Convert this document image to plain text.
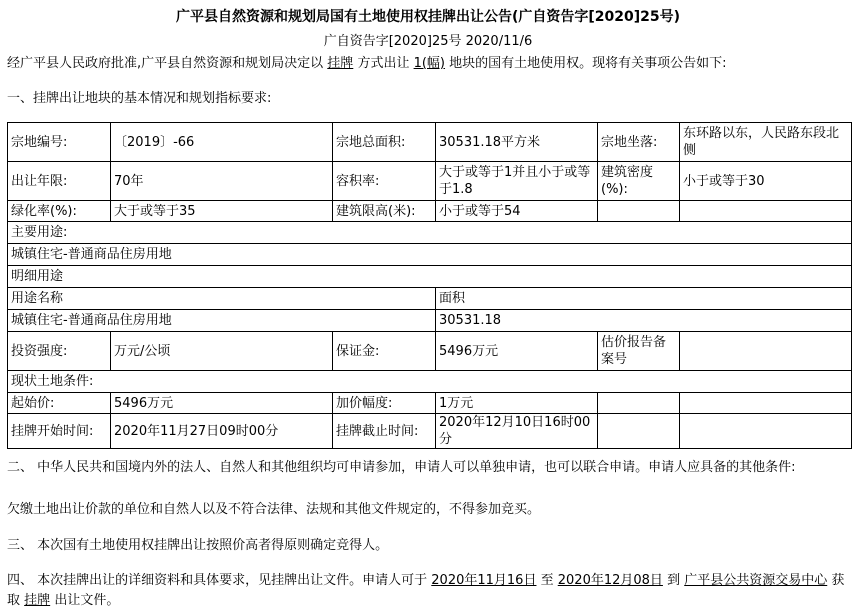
广平县自然资源和规划局国有土地使用权挂牌出让公告(广自资告字[2020]25号)
广自资告字[2020]25号 2020/11/6
经广平县人民政府批准,广平县自然资源和规划局决定以 挂牌 方式出让 1(幅) 地块的国有土地使用权。现将有关事项公告如下:
一、挂牌出让地块的基本情况和规划指标要求:
宗地编号:	〔2019〕-66	宗地总面积:	30531.18平方米	宗地坐落:	东环路以东，人民路东段北侧
出让年限:	70年	容积率:	大于或等于1并且小于或等于1.8	建筑密度(%):	小于或等于30
绿化率(%):	大于或等于35	建筑限高(米):	小于或等于54		
主要用途:					
城镇住宅-普通商品住房用地					
明细用途					
用途名称			面积		
城镇住宅-普通商品住房用地			30531.18		
投资强度:	万元/公顷	保证金:	5496万元	估价报告备案号	
现状土地条件:					
起始价:	5496万元	加价幅度:	1万元		
挂牌开始时间:	2020年11月27日09时00分	挂牌截止时间:	2020年12月10日16时00分		
二、 中华人民共和国境内外的法人、自然人和其他组织均可申请参加，申请人可以单独申请，也可以联合申请。申请人应具备的其他条件:
欠缴土地出让价款的单位和自然人以及不符合法律、法规和其他文件规定的，不得参加竞买。
三、 本次国有土地使用权挂牌出让按照价高者得原则确定竞得人。
四、 本次挂牌出让的详细资料和具体要求，见挂牌出让文件。申请人可于 2020年11月16日 至 2020年12月08日 到 广平县公共资源交易中心 获取 挂牌 出让文件。
